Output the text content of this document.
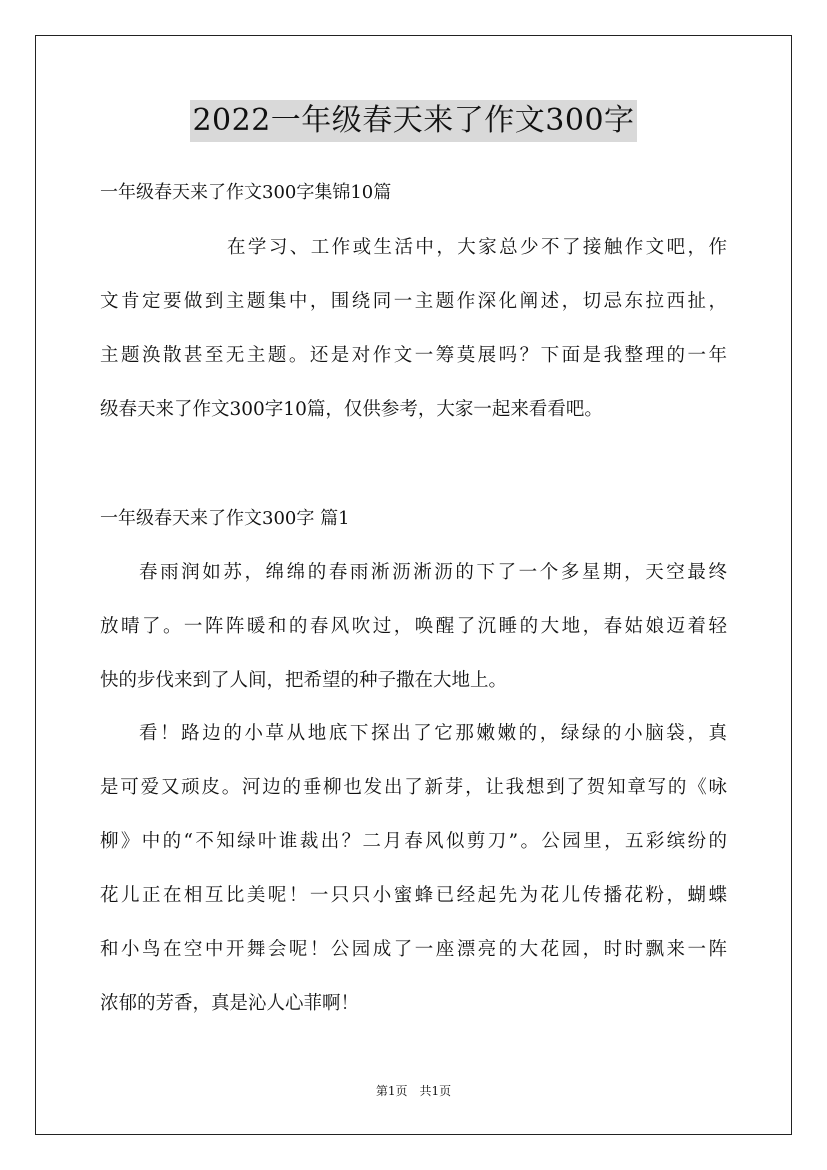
2022一年级春天来了作文300字
一年级春天来了作文300字集锦10篇
在学习、工作或生活中，大家总少不了接触作文吧，作
文肯定要做到主题集中，围绕同一主题作深化阐述，切忌东拉西扯，
主题涣散甚至无主题。还是对作文一筹莫展吗？下面是我整理的一年
级春天来了作文300字10篇，仅供参考，大家一起来看看吧。
一年级春天来了作文300字 篇1
春雨润如苏，绵绵的春雨淅沥淅沥的下了一个多星期，天空最终
放晴了。一阵阵暖和的春风吹过，唤醒了沉睡的大地，春姑娘迈着轻
快的步伐来到了人间，把希望的种子撒在大地上。
看！路边的小草从地底下探出了它那嫩嫩的，绿绿的小脑袋，真
是可爱又顽皮。河边的垂柳也发出了新芽，让我想到了贺知章写的《咏
柳》中的“不知绿叶谁裁出？二月春风似剪刀”。公园里，五彩缤纷的
花儿正在相互比美呢！一只只小蜜蜂已经起先为花儿传播花粉，蝴蝶
和小鸟在空中开舞会呢！公园成了一座漂亮的大花园，时时飘来一阵
浓郁的芳香，真是沁人心菲啊！
第1页　共1页
